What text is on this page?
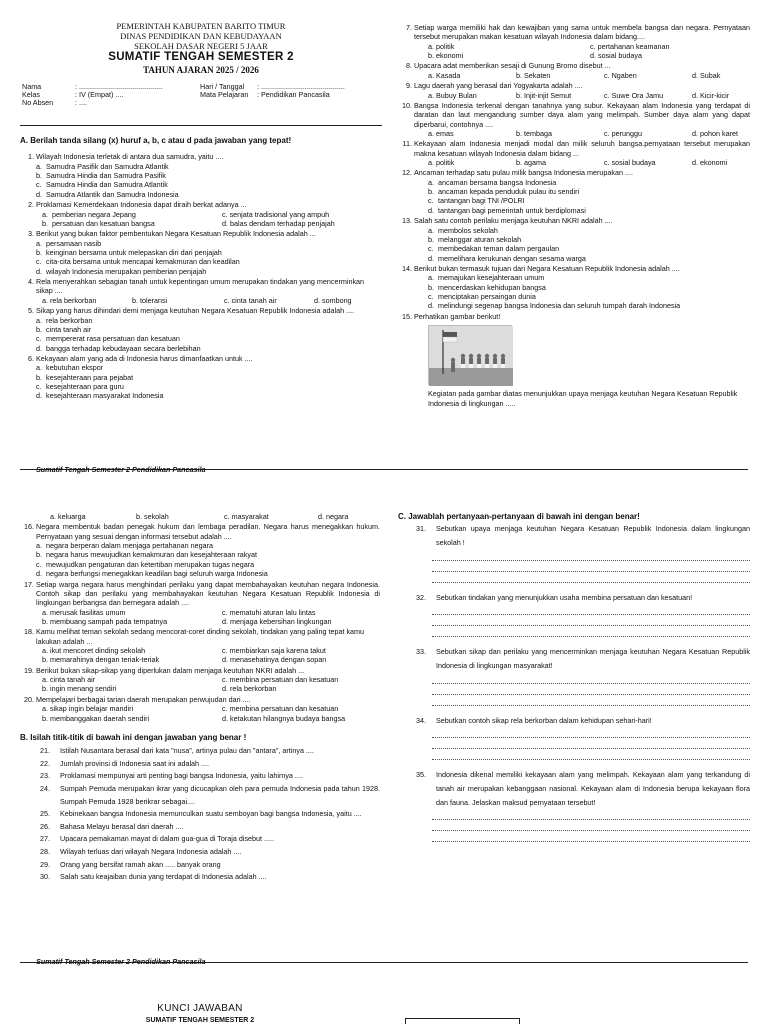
PEMERINTAH KABUPATEN BARITO TIMUR
DINAS PENDIDIKAN DAN KEBUDAYAAN
SEKOLAH DASAR NEGERI 5 JAAR
SUMATIF TENGAH SEMESTER 2
TAHUN AJARAN 2025 / 2026
Nama	: ..........................................
Kelas	: IV (Empat) ....
No Absen	: ....
Hari / Tanggal : ..........................................
Mata Pelajaran : Pendidikan Pancasila
A. Berilah tanda silang (x) huruf a, b, c atau d pada jawaban yang tepat!
1. Wilayah Indonesia terletak di antara dua samudra, yaitu ....
a. Samudra Pasifik dan Samudra Atlantik
b. Samudra Hindia dan Samudra Pasifik
c. Samudra Hindia dan Samudra Atlantik
d. Samudra Atlantik dan Samudra Indonesia
2. Proklamasi Kemerdekaan Indonesia dapat diraih berkat adanya ...
a. pemberian negara Jepang	c. senjata tradisional yang ampuh
b. persatuan dan kesatuan bangsa	d. balas dendam terhadap penjajah
3. Berikut yang bukan faktor pembentukan Negara Kesatuan Republik Indonesia adalah ...
a. persamaan nasib
b. keinginan bersama untuk melepaskan diri dari penjajah
c. cita-cita bersama untuk mencapai kemakmuran dan keadilan
d. wilayah Indonesia merupakan pemberian penjajah
4. Rela menyerahkan sebagian tanah untuk kepentingan umum merupakan tindakan yang mencerminkan sikap ....
a. rela berkorban	b. toleransi	c. cinta tanah air	d. sombong
5. Sikap yang harus dihindari demi menjaga keutuhan Negara Kesatuan Republik Indonesia adalah ....
a. rela berkorban
b. cinta tanah air
c. mempererat rasa persatuan dan kesatuan
d. bangga terhadap kebudayaan secara berlebihan
6. Kekayaan alam yang ada di Indonesia harus dimanfaatkan untuk ....
a. kebutuhan ekspor
b. kesejahteraan para pejabat
c. kesejahteraan para guru
d. kesejahteraan masyarakat Indonesia
7. Setiap warga memiliki hak dan kewajiban yang sama untuk membela bangsa dan negara. Pernyataan tersebut merupakan makan kesatuan wilayah Indonesia dalam bidang....
a. politik	c. pertahanan keamanan
b. ekonomi	d. sosial budaya
8. Upacara adat memberikan sesaji di Gunung Bromo disebut ...
a. Kasada	b. Sekaten	c. Ngaben	d. Subak
9. Lagu daerah yang berasal dari Yogyakarta adalah ....
a. Bubuy Bulan	b. Injit-injit Semut	c. Suwe Ora Jamu	d. Kicir-kicir
10. Bangsa Indonesia terkenal dengan tanahnya yang subur. Kekayaan alam Indonesia yang terdapat di daratan dan laut mengandung sumber daya alam yang melimpah. Sumber daya alam yang dapat diperbarui, contohnya ....
a. emas	b. tembaga	c. perunggu	d. pohon karet
11. Kekayaan alam Indonesia menjadi modal dan milik seluruh bangsa.pernyataan tersebut merupakan makna kesatuan wilayah Indonesia dalam bidang ...
a. politik	b. agama	c. sosial budaya	d. ekonomi
12. Ancaman terhadap satu pulau milik bangsa Indonesia merupakan ....
a. ancaman bersama bangsa Indonesia
b. ancaman kepada penduduk pulau itu sendiri
c. tantangan bagi TNI /POLRI
d. tantangan bagi pemerintah untuk berdiplomasi
13. Salah satu contoh perilaku menjaga keutuhan NKRI adalah ....
a. membolos sekolah
b. melanggar aturan sekolah
c. membedakan teman dalam pergaulan
d. memelihara kerukunan dengan sesama warga
14. Berikut bukan termasuk tujuan dari Negara Kesatuan Republik Indonesia adalah ....
a. memajukan kesejahteraan umum
b. mencerdaskan kehidupan bangsa
c. menciptakan persaingan dunia
d. melindungi segenap bangsa Indonesia dan seluruh tumpah darah Indonesia
15. Perhatikan gambar berikut!
Kegiatan pada gambar diatas menunjukkan upaya menjaga keutuhan Negara Kesatuan Republik Indonesia di lingkungan .....
Sumatif Tengah Semester 2 Pendidikan Pancasila
a. keluarga	b. sekolah	c. masyarakat	d. negara
16. Negara membentuk badan penegak hukum dan lembaga peradilan. Negara harus menegakkan hukum. Pernyataan yang sesuai dengan informasi tersebut adalah ....
a. negara berperan dalam menjaga pertahanan negara
b. negara harus mewujudkan kemakmuran dan kesejahteraan rakyat
c. mewujudkan pengaturan dan ketertiban merupakan tugas negara
d. negara berfungsi menegakkan keadilan bagi seluruh warga Indonesia
17. Setiap warga negara harus menghindari perilaku yang dapat membahayakan keutuhan negara Indonesia. Contoh sikap dan perilaku yang membahayakan keutuhan Negara Kesatuan Republik Indonesia di lingkungan berbangsa dan bernegara adalah ....
a. merusak fasilitas umum	c. mematuhi aturan lalu lintas
b. membuang sampah pada tempatnya	d. menjaga kebersihan lingkungan
18. Kamu melihat teman sekolah sedang mencorat-coret dinding sekolah, tindakan yang paling tepat kamu lakukan adalah ...
a. ikut mencoret dinding sekolah	c. membiarkan saja karena takut
b. memarahinya dengan teriak-teriak	d. menasehatinya dengan sopan
19. Berikut bukan sikap-sikap yang diperlukan dalam menjaga keutuhan NKRI adalah ...
a. cinta tanah air	c. membina persatuan dan kesatuan
b. ingin menang sendiri	d. rela berkorban
20. Mempelajari berbagai tarian daerah merupakan perwujudan dari ....
a. sikap ingin belajar mandiri	c. membina persatuan dan kesatuan
b. membanggakan daerah sendiri	d. ketakutan hilangnya budaya bangsa
B. Isilah titik-titik di bawah ini dengan jawaban yang benar !
21. Istilah Nusantara berasal dari kata "nusa", artinya pulau dan "antara", artinya ....
22. Jumlah provinsi di Indonesia saat ini adalah ....
23. Proklamasi mempunyai arti penting bagi bangsa Indonesia, yaitu lahirnya ....
24. Sumpah Pemuda merupakan ikrar yang dicucapkan oleh para pemuda Indonesia pada tahun 1928. Sumpah Pemuda 1928 berikrar sebagai....
25. Kebinekaan bangsa Indonesia memunculkan suatu semboyan bagi bangsa Indonesia, yaitu ....
26. Bahasa Melayu berasal dari daerah ....
27. Upacara pemakaman mayat di dalam gua-gua di Toraja disebut .....
28. Wilayah terluas dari wilayah Negara Indonesia adalah ....
29. Orang yang bersifat ramah akan ..... banyak orang
30. Salah satu keajaiban dunia yang terdapat di Indonesia adalah ....
C. Jawablah pertanyaan-pertanyaan di bawah ini dengan benar!
31. Sebutkan upaya menjaga keutuhan Negara Kesatuan Republik Indonesia dalam lingkungan sekolah !
32. Sebutkan tindakan yang menunjukkan usaha membina persatuan dan kesatuan!
33. Sebutkan sikap dan perilaku yang mencerminkan menjaga keutuhan Negara Kesatuan Republik Indonesia di lingkungan masyarakat!
34. Sebutkan contoh sikap rela berkorban dalam kehidupan sehari-hari!
35. Indonesia dikenal memiliki kekayaan alam yang melimpah. Kekayaan alam yang terkandung di tanah air merupakan kebanggaan nasional. Kekayaan alam di Indonesia berupa kekayaan flora dan fauna. Jelaskan maksud pernyataan tersebut!
Sumatif Tengah Semester 2 Pendidikan Pancasila
KUNCI JAWABAN
SUMATIF TENGAH SEMESTER 2
